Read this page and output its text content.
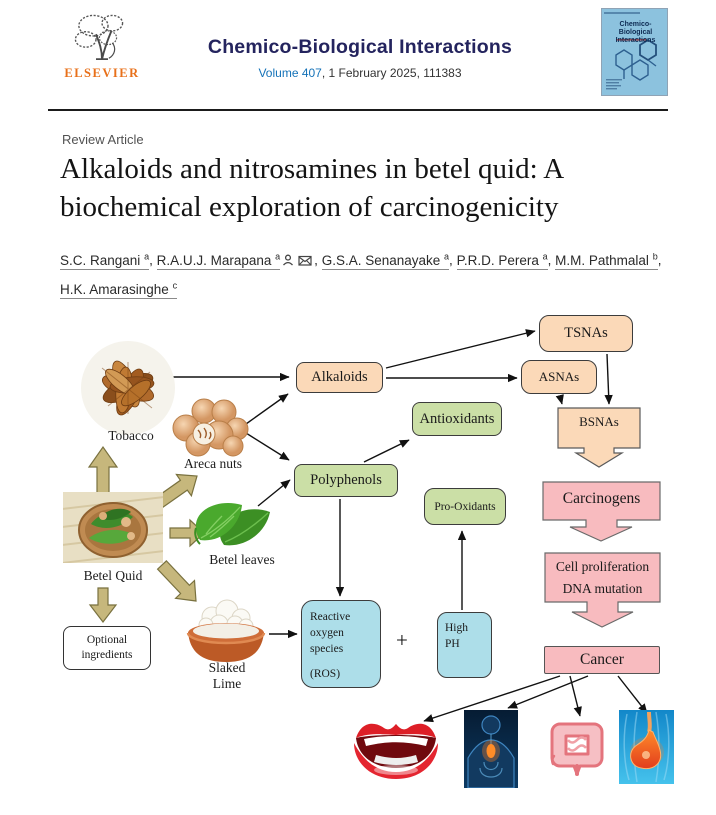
ELSEVIER
Chemico-Biological Interactions
Volume 407, 1 February 2025, 111383
Chemico-Biological Interactions
Review Article
Alkaloids and nitrosamines in betel quid: A biochemical exploration of carcinogenicity
S.C. Rangani $^a$, R.A.U.J. Marapana $^a$	, G.S.A. Senanayake $^a$, P.R.D. Perera $^a$, M.M. Pathmalal $^b$, H.K. Amarasinghe $^c$
Tobacco
Areca nuts
Betel Quid
Betel leaves
Slaked Lime
Alkaloids
TSNAs
ASNAs
Antioxidants
Polyphenols
Pro-Oxidants
Reactive oxygen species
(ROS)
+	High PH
Optional ingredients
BSNAs
Carcinogens
Cell proliferation
DNA mutation
Cancer
